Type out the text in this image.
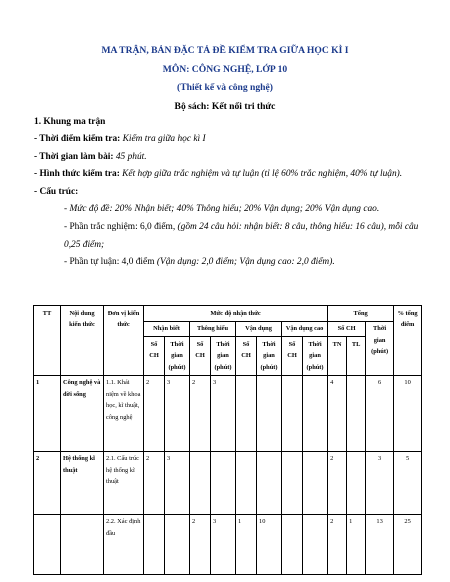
MA TRẬN, BẢN ĐẶC TẢ ĐỀ KIỂM TRA GIỮA HỌC KÌ I
MÔN: CÔNG NGHỆ, LỚP 10
(Thiết kế và công nghệ)
Bộ sách: Kết nối tri thức
1. Khung ma trận
- Thời điểm kiểm tra: Kiểm tra giữa học kì I
- Thời gian làm bài: 45 phút.
- Hình thức kiểm tra: Kết hợp giữa trắc nghiệm và tự luận (tỉ lệ 60% trắc nghiệm, 40% tự luận).
- Cấu trúc:
- Mức độ đề: 20% Nhận biết; 40% Thông hiểu; 20% Vận dụng; 20% Vận dụng cao.
- Phần trắc nghiệm: 6,0 điểm, (gồm 24 câu hỏi: nhận biết: 8 câu, thông hiểu: 16 câu), mỗi câu 0,25 điểm;
- Phần tự luận: 4,0 điểm (Vận dụng: 2,0 điểm; Vận dụng cao: 2,0 điểm).
TT	Nội dung kiến thức	Đơn vị kiến thức	Mức độ nhận thức								Tổng			% tổng điểm
			Nhận biết		Thông hiểu		Vận dụng		Vận dụng cao		Số CH		Thời gian (phút)	
			Số CH	Thời gian (phút)	Số CH	Thời gian (phút)	Số CH	Thời gian (phút)	Số CH	Thời gian (phút)	TN	TL		
1	Công nghệ và đời sống	1.1. Khái niệm về khoa học, kĩ thuật, công nghệ	2	3	2	3					4		6	10
2	Hệ thống kĩ thuật	2.1. Cấu trúc hệ thống kĩ thuật	2	3							2		3	5
		2.2. Xác định đầu			2	3	1	10			2	1	13	25
